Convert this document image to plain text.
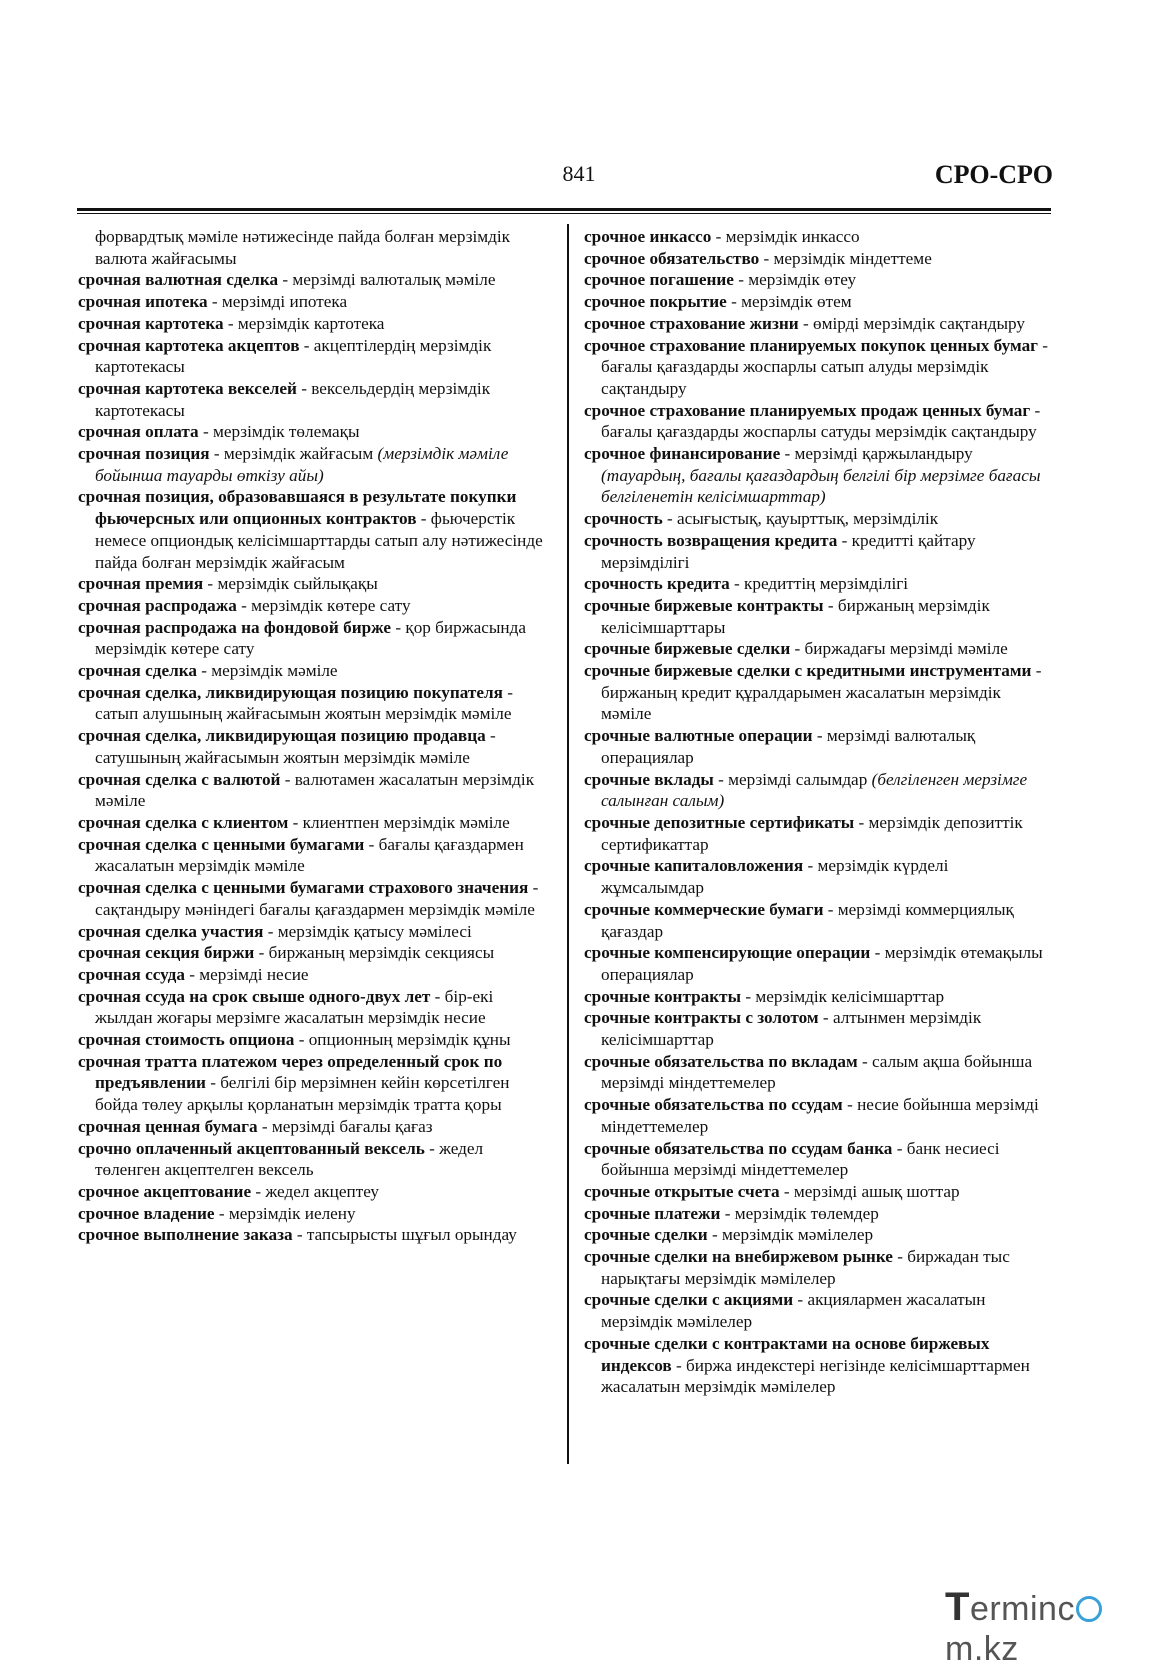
841	СРО-СРО

форвардтық мәміле нәтижесінде пайда болған мерзімдік валюта жайғасымы

срочная валютная сделка - мерзімді валюталық мәміле

срочная ипотека - мерзімді ипотека

срочная картотека - мерзімдік картотека

срочная картотека акцептов - акцептілердің мерзімдік картотекасы

срочная картотека векселей - вексельдердің мерзімдік картотекасы

срочная оплата - мерзімдік төлемақы

срочная позиция - мерзімдік жайғасым (мерзімдік мәміле бойынша тауарды өткізу айы)

срочная позиция, образовавшаяся в результате покупки фьючерсных или опционных контрактов - фьючерстік немесе опциондық келісімшарттарды сатып алу нәтижесінде пайда болған мерзімдік жайғасым

срочная премия - мерзімдік сыйлықақы

срочная распродажа - мерзімдік көтере сату

срочная распродажа на фондовой бирже - қор биржасында мерзімдік көтере сату

срочная сделка - мерзімдік мәміле

срочная сделка, ликвидирующая позицию покупателя - сатып алушының жайғасымын жоятын мерзімдік мәміле

срочная сделка, ликвидирующая позицию продавца - сатушының жайғасымын жоятын мерзімдік мәміле

срочная сделка с валютой - валютамен жасалатын мерзімдік мәміле

срочная сделка с клиентом - клиентпен мерзімдік мәміле

срочная сделка с ценными бумагами - бағалы қағаздармен жасалатын мерзімдік мәміле

срочная сделка с ценными бумагами страхового значения - сақтандыру мәніндегі бағалы қағаздармен мерзімдік мәміле

срочная сделка участия - мерзімдік қатысу мәмілесі

срочная секция биржи - биржаның мерзімдік секциясы

срочная ссуда - мерзімді несие

срочная ссуда на срок свыше одного-двух лет - бір-екі жылдан жоғары мерзімге жасалатын мерзімдік несие

срочная стоимость опциона - опционның мерзімдік құны

срочная тратта платежом через определенный срок по предъявлении - белгілі бір мерзімнен кейін көрсетілген бойда төлеу арқылы қорланатын мерзімдік тратта қоры

срочная ценная бумага - мерзімді бағалы қағаз

срочно оплаченный акцептованный вексель - жедел төленген акцептелген вексель

срочное акцептование - жедел акцептеу

срочное владение - мерзімдік иелену

срочное выполнение заказа - тапсырысты шұғыл орындау

срочное инкассо - мерзімдік инкассо

срочное обязательство - мерзімдік міндеттеме

срочное погашение - мерзімдік өтеу

срочное покрытие - мерзімдік өтем

срочное страхование жизни - өмірді мерзімдік сақтандыру

срочное страхование планируемых покупок ценных бумаг - бағалы қағаздарды жоспарлы сатып алуды мерзімдік сақтандыру

срочное страхование планируемых продаж ценных бумаг - бағалы қағаздарды жоспарлы сатуды мерзімдік сақтандыру

срочное финансирование - мерзімді қаржыландыру (тауардың, бағалы қағаздардың белгілі бір мерзімге бағасы белгіленетін келісімшарттар)

срочность - асығыстық, қауырттық, мерзімділік

срочность возвращения кредита - кредитті қайтару мерзімділігі

срочность кредита - кредиттің мерзімділігі

срочные биржевые контракты - биржаның мерзімдік келісімшарттары

срочные биржевые сделки - биржадағы мерзімді мәміле

срочные биржевые сделки с кредитными инструментами - биржаның кредит құралдарымен жасалатын мерзімдік мәміле

срочные валютные операции - мерзімді валюталық операциялар

срочные вклады - мерзімді салымдар (белгіленген мерзімге салынған салым)

срочные депозитные сертификаты - мерзімдік депозиттік сертификаттар

срочные капиталовложения - мерзімдік күрделі жұмсалымдар

срочные коммерческие бумаги - мерзімді коммерциялық қағаздар

срочные компенсирующие операции - мерзімдік өтемақылы операциялар

срочные контракты - мерзімдік келісімшарттар

срочные контракты с золотом - алтынмен мерзімдік келісімшарттар

срочные обязательства по вкладам - салым ақша бойынша мерзімді міндеттемелер

срочные обязательства по ссудам - несие бойынша мерзімді міндеттемелер

срочные обязательства по ссудам банка - банк несиесі бойынша мерзімді міндеттемелер

срочные открытые счета - мерзімді ашық шоттар

срочные платежи - мерзімдік төлемдер

срочные сделки - мерзімдік мәмілелер

срочные сделки на внебиржевом рынке - биржадан тыс нарықтағы мерзімдік мәмілелер

срочные сделки с акциями - акциялармен жасалатын мерзімдік мәмілелер

срочные сделки с контрактами на основе биржевых индексов - биржа индекстері негізінде келісімшарттармен жасалатын мерзімдік мәмілелер

Termincm.kz
